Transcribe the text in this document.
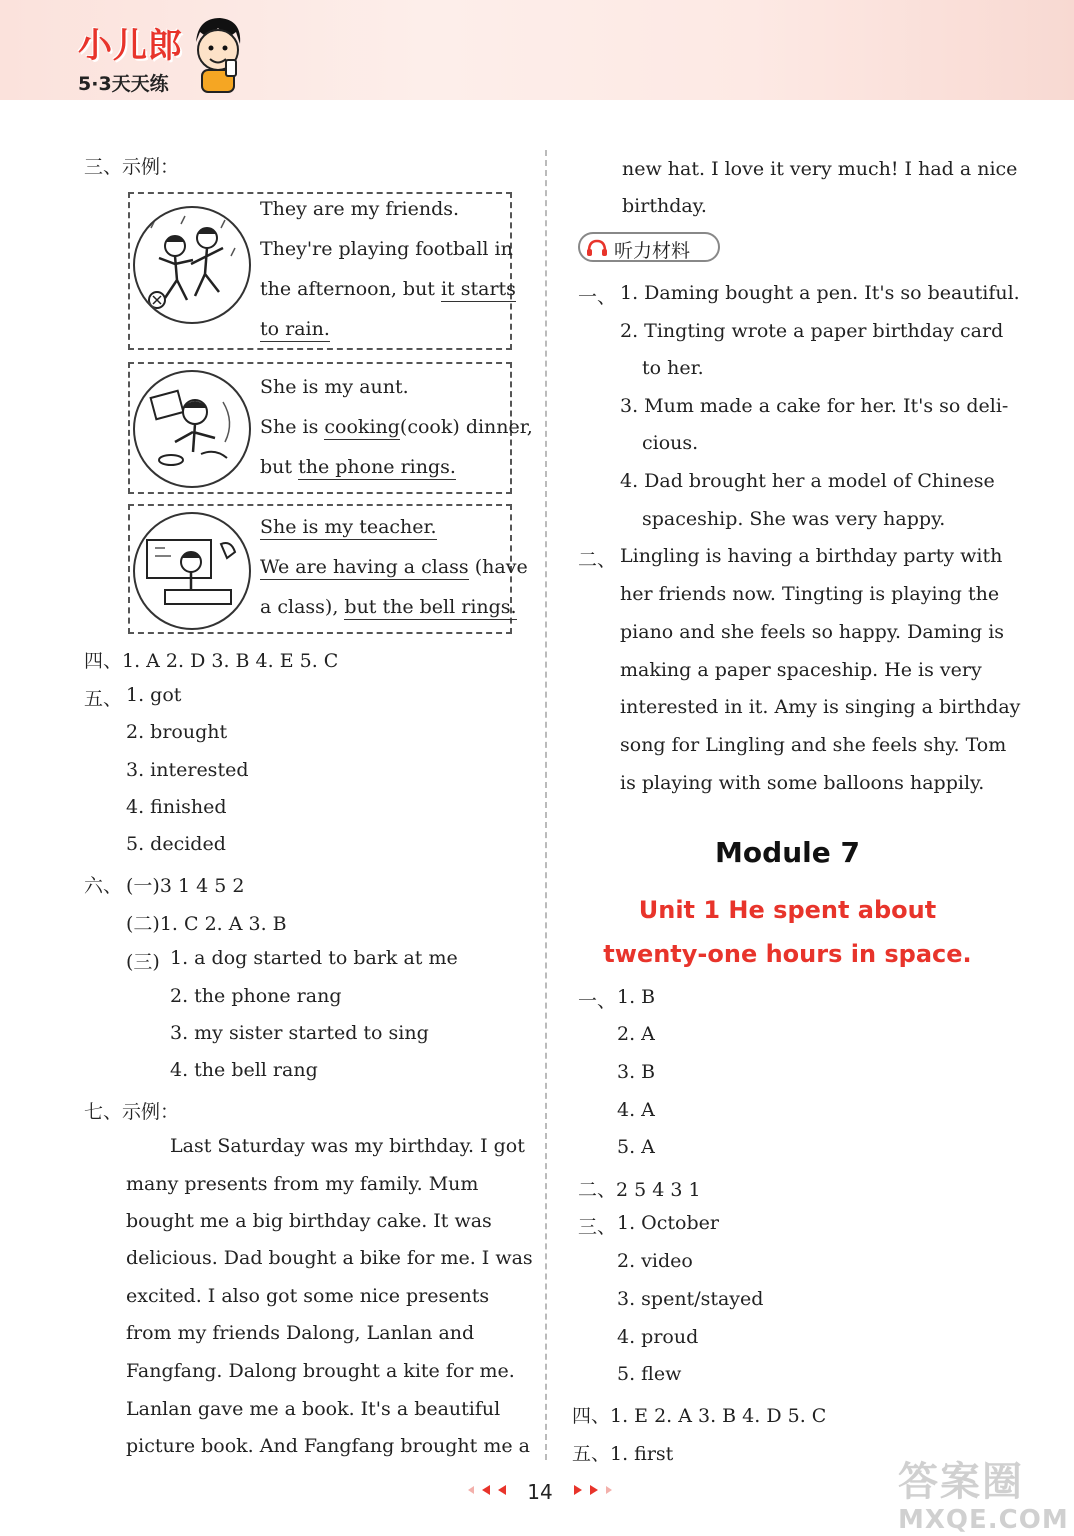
小儿郎
5·3天天练
三、示例：
They are my friends.
They're playing football in
the afternoon, but it starts
to rain.
She is my aunt.
She is cooking(cook) dinner,
but the phone rings.
She is my teacher.
We are having a class (have
a class), but the bell rings.
四、1. A 2. D 3. B 4. E 5. C
五、 1. got
2. brought
3. interested
4. finished
5. decided
六、 (一)3 1 4 5 2
(二)1. C 2. A 3. B
(三) 1. a dog started to bark at me
2. the phone rang
3. my sister started to sing
4. the bell rang
七、示例：
Last Saturday was my birthday. I got
many presents from my family. Mum
bought me a big birthday cake. It was
delicious. Dad bought a bike for me. I was
excited. I also got some nice presents
from my friends Dalong, Lanlan and
Fangfang. Dalong brought a kite for me.
Lanlan gave me a book. It's a beautiful
picture book. And Fangfang brought me a
new hat. I love it very much! I had a nice
birthday.
听力材料
一、 1. Daming bought a pen. It's so beautiful.
2. Tingting wrote a paper birthday card
to her.
3. Mum made a cake for her. It's so deli-
cious.
4. Dad brought her a model of Chinese
spaceship. She was very happy.
二、 Lingling is having a birthday party with
her friends now. Tingting is playing the
piano and she feels so happy. Daming is
making a paper spaceship. He is very
interested in it. Amy is singing a birthday
song for Lingling and she feels shy. Tom
is playing with some balloons happily.
Module 7
Unit 1 He spent about
twenty-one hours in space.
一、 1. B
2. A
3. B
4. A
5. A
二、2 5 4 3 1
三、 1. October
2. video
3. spent/stayed
4. proud
5. flew
四、1. E 2. A 3. B 4. D 5. C
五、1. first
14	答案圈
MXQE.COM
